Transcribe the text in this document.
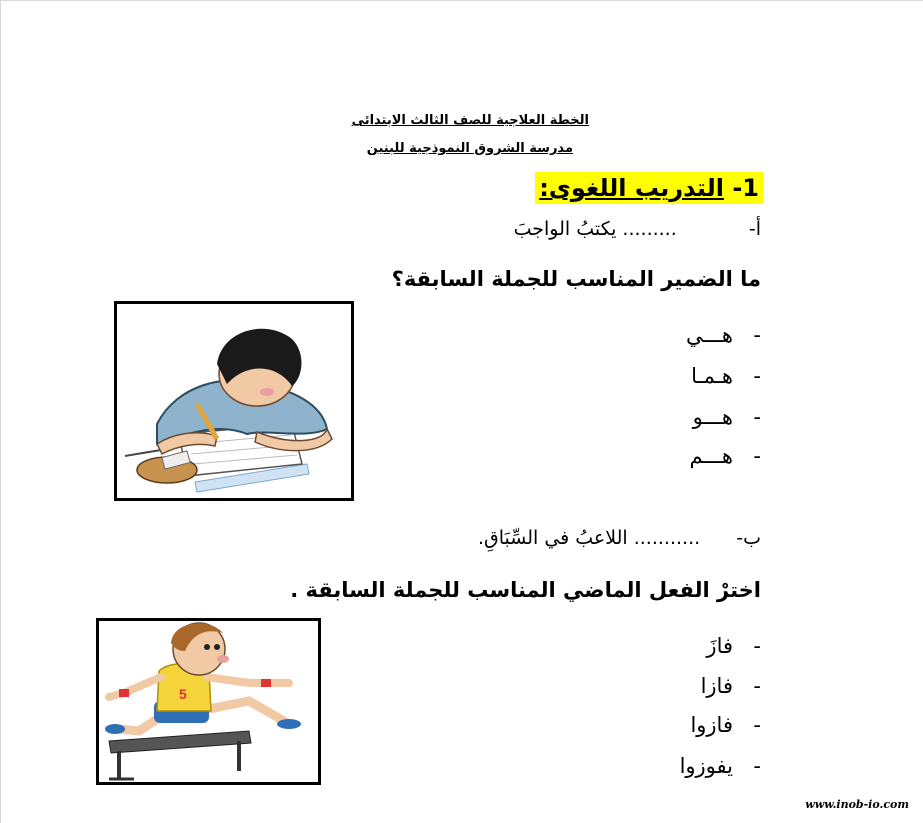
الخطة العلاجية للصف الثالث الابتدائى
مدرسة الشروق النموذجية للبنين
1- التدريب اللغوى:
أ-  ......... يكتبُ الواجبَ
ما الضمير المناسب للجملة السابقة؟
-هـــي
-هـمـا
-هـــو
-هـــم
ب-  ........... اللاعبُ في السِّبَاقِ.
اخترْ الفعل الماضي المناسب للجملة السابقة .
5
-فازَ
-فازا
-فازوا
-يفوزوا
www.inob-io.com
